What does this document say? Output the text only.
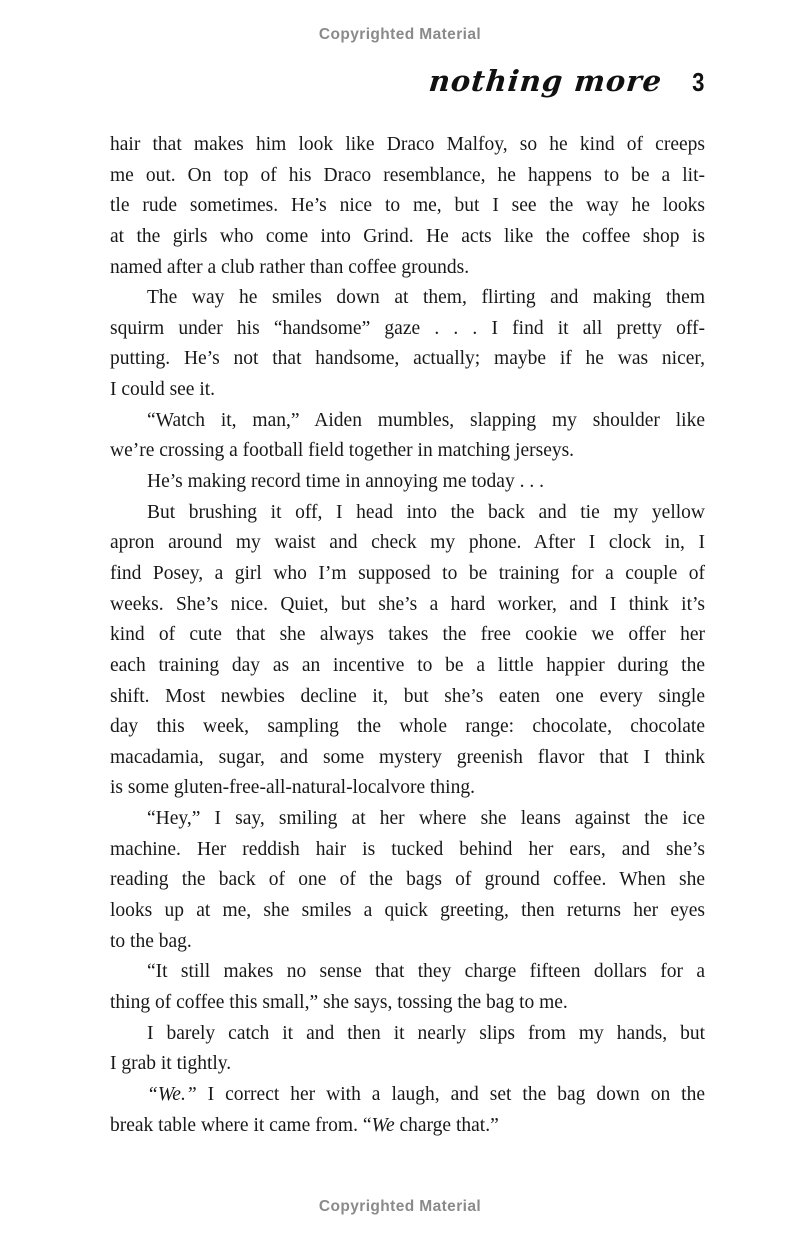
Copyrighted Material
nothing more 3
hair that makes him look like Draco Malfoy, so he kind of creeps
me out. On top of his Draco resemblance, he happens to be a lit-
tle rude sometimes. He’s nice to me, but I see the way he looks
at the girls who come into Grind. He acts like the coffee shop is
named after a club rather than coffee grounds.
The way he smiles down at them, flirting and making them
squirm under his “handsome” gaze . . . I find it all pretty off-
putting. He’s not that handsome, actually; maybe if he was nicer,
I could see it.
“Watch it, man,” Aiden mumbles, slapping my shoulder like
we’re crossing a football field together in matching jerseys.
He’s making record time in annoying me today . . .
But brushing it off, I head into the back and tie my yellow
apron around my waist and check my phone. After I clock in, I
find Posey, a girl who I’m supposed to be training for a couple of
weeks. She’s nice. Quiet, but she’s a hard worker, and I think it’s
kind of cute that she always takes the free cookie we offer her
each training day as an incentive to be a little happier during the
shift. Most newbies decline it, but she’s eaten one every single
day this week, sampling the whole range: chocolate, chocolate
macadamia, sugar, and some mystery greenish flavor that I think
is some gluten-free-all-natural-localvore thing.
“Hey,” I say, smiling at her where she leans against the ice
machine. Her reddish hair is tucked behind her ears, and she’s
reading the back of one of the bags of ground coffee. When she
looks up at me, she smiles a quick greeting, then returns her eyes
to the bag.
“It still makes no sense that they charge fifteen dollars for a
thing of coffee this small,” she says, tossing the bag to me.
I barely catch it and then it nearly slips from my hands, but
I grab it tightly.
“We.” I correct her with a laugh, and set the bag down on the
break table where it came from. “We charge that.”
Copyrighted Material
